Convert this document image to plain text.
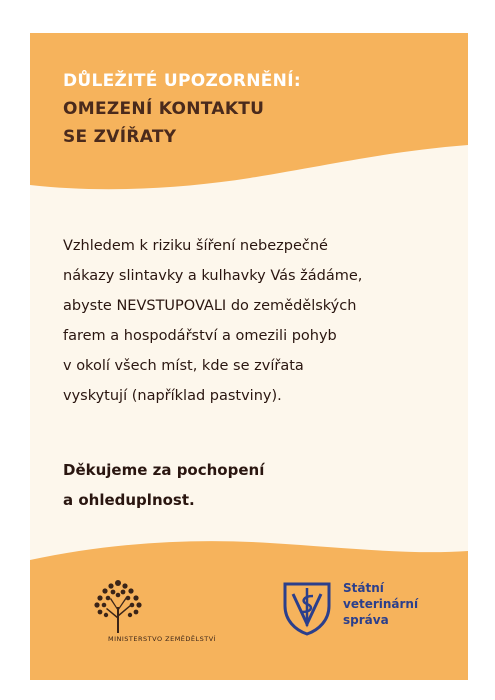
DŮLEŽITÉ UPOZORNĚNÍ:
OMEZENÍ KONTAKTU
SE ZVÍŘATY
Vzhledem k riziku šíření nebezpečné
nákazy slintavky a kulhavky Vás žádáme,
abyste NEVSTUPOVALI do zemědělských
farem a hospodářství a omezili pohyb
v okolí všech míst, kde se zvířata
vyskytují (například pastviny).
Děkujeme za pochopení
a ohleduplnost.
MINISTERSTVO ZEMĚDĚLSTVÍ
Státní
veterinární
správa
